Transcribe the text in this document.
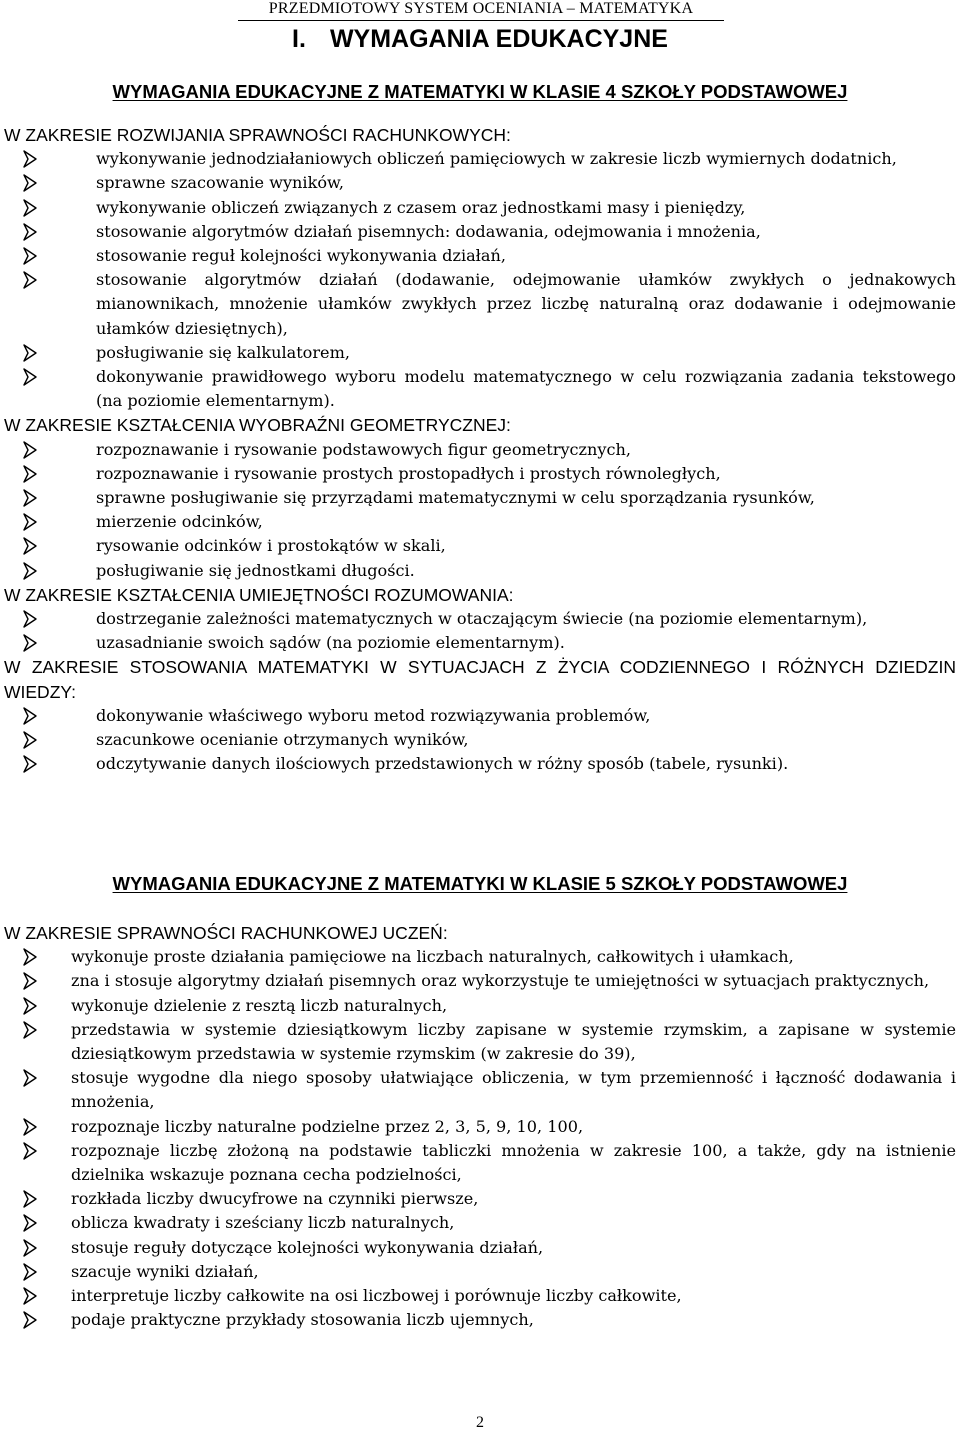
PRZEDMIOTOWY SYSTEM OCENIANIA – MATEMATYKA
I. WYMAGANIA EDUKACYJNE
WYMAGANIA EDUKACYJNE Z MATEMATYKI W KLASIE 4 SZKOŁY PODSTAWOWEJ
W ZAKRESIE ROZWIJANIA SPRAWNOŚCI RACHUNKOWYCH:
wykonywanie jednodziałaniowych obliczeń pamięciowych w zakresie liczb wymiernych dodatnich,
sprawne szacowanie wyników,
wykonywanie obliczeń związanych z czasem oraz jednostkami masy i pieniędzy,
stosowanie algorytmów działań pisemnych: dodawania, odejmowania i mnożenia,
stosowanie reguł kolejności wykonywania działań,
stosowanie algorytmów działań (dodawanie, odejmowanie ułamków zwykłych o jednakowych mianownikach, mnożenie ułamków zwykłych przez liczbę naturalną oraz dodawanie i odejmowanie ułamków dziesiętnych),
posługiwanie się kalkulatorem,
dokonywanie prawidłowego wyboru modelu matematycznego w celu rozwiązania zadania tekstowego (na poziomie elementarnym).
W ZAKRESIE KSZTAŁCENIA WYOBRAŹNI GEOMETRYCZNEJ:
rozpoznawanie i rysowanie podstawowych figur geometrycznych,
rozpoznawanie i rysowanie prostych prostopadłych i prostych równoległych,
sprawne posługiwanie się przyrządami matematycznymi w celu sporządzania rysunków,
mierzenie odcinków,
rysowanie odcinków i prostokątów w skali,
posługiwanie się jednostkami długości.
W ZAKRESIE KSZTAŁCENIA UMIEJĘTNOŚCI ROZUMOWANIA:
dostrzeganie zależności matematycznych w otaczającym świecie (na poziomie elementarnym),
uzasadnianie swoich sądów (na poziomie elementarnym).
W ZAKRESIE STOSOWANIA MATEMATYKI W SYTUACJACH Z ŻYCIA CODZIENNEGO I RÓŻNYCH DZIEDZIN WIEDZY:
dokonywanie właściwego wyboru metod rozwiązywania problemów,
szacunkowe ocenianie otrzymanych wyników,
odczytywanie danych ilościowych przedstawionych w różny sposób (tabele, rysunki).
WYMAGANIA EDUKACYJNE Z MATEMATYKI W KLASIE 5 SZKOŁY PODSTAWOWEJ
W ZAKRESIE SPRAWNOŚCI RACHUNKOWEJ UCZEŃ:
wykonuje proste działania pamięciowe na liczbach naturalnych, całkowitych i ułamkach,
zna i stosuje algorytmy działań pisemnych oraz wykorzystuje te umiejętności w sytuacjach praktycznych,
wykonuje dzielenie z resztą liczb naturalnych,
przedstawia w systemie dziesiątkowym liczby zapisane w systemie rzymskim, a zapisane w systemie dziesiątkowym przedstawia w systemie rzymskim (w zakresie do 39),
stosuje wygodne dla niego sposoby ułatwiające obliczenia, w tym przemienność i łączność dodawania i mnożenia,
rozpoznaje liczby naturalne podzielne przez 2, 3, 5, 9, 10, 100,
rozpoznaje liczbę złożoną na podstawie tabliczki mnożenia w zakresie 100, a także, gdy na istnienie dzielnika wskazuje poznana cecha podzielności,
rozkłada liczby dwucyfrowe na czynniki pierwsze,
oblicza kwadraty i sześciany liczb naturalnych,
stosuje reguły dotyczące kolejności wykonywania działań,
szacuje wyniki działań,
interpretuje liczby całkowite na osi liczbowej i porównuje liczby całkowite,
podaje praktyczne przykłady stosowania liczb ujemnych,
2
